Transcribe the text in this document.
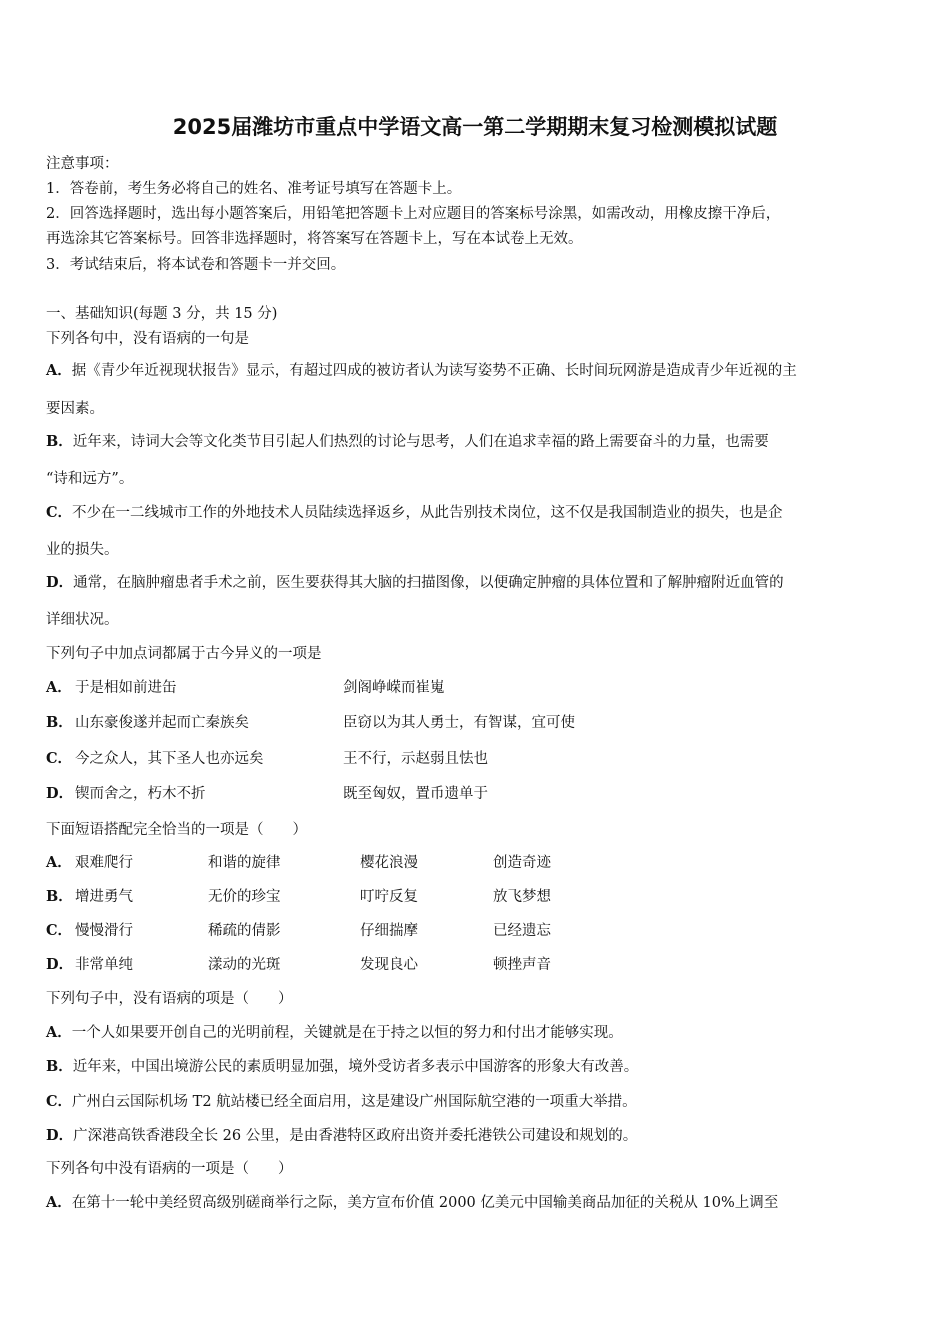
2025届潍坊市重点中学语文高一第二学期期末复习检测模拟试题
注意事项：
1．答卷前，考生务必将自己的姓名、准考证号填写在答题卡上。
2．回答选择题时，选出每小题答案后，用铅笔把答题卡上对应题目的答案标号涂黑，如需改动，用橡皮擦干净后，
再选涂其它答案标号。回答非选择题时，将答案写在答题卡上，写在本试卷上无效。
3．考试结束后，将本试卷和答题卡一并交回。
一、基础知识(每题 3 分，共 15 分)
下列各句中，没有语病的一句是
A．据《青少年近视现状报告》显示，有超过四成的被访者认为读写姿势不正确、长时间玩网游是造成青少年近视的主
要因素。
B．近年来，诗词大会等文化类节目引起人们热烈的讨论与思考，人们在追求幸福的路上需要奋斗的力量，也需要
“诗和远方”。
C．不少在一二线城市工作的外地技术人员陆续选择返乡，从此告别技术岗位，这不仅是我国制造业的损失，也是企
业的损失。
D．通常，在脑肿瘤患者手术之前，医生要获得其大脑的扫描图像，以便确定肿瘤的具体位置和了解肿瘤附近血管的
详细状况。
下列句子中加点词都属于古今异义的一项是
A． 于是相如前进缶	剑阁峥嵘而崔嵬
B． 山东豪俊遂并起而亡秦族矣	臣窃以为其人勇士，有智谋，宜可使
C． 今之众人，其下圣人也亦远矣	王不行，示赵弱且怯也
D． 锲而舍之，朽木不折	既至匈奴，置币遗单于
下面短语搭配完全恰当的一项是（　　）
A． 艰难爬行	和谐的旋律	樱花浪漫	创造奇迹
B． 增进勇气	无价的珍宝	叮咛反复	放飞梦想
C． 慢慢滑行	稀疏的倩影	仔细揣摩	已经遗忘
D． 非常单纯	漾动的光斑	发现良心	顿挫声音
下列句子中，没有语病的项是（　　）
A．一个人如果要开创自己的光明前程，关键就是在于持之以恒的努力和付出才能够实现。
B．近年来，中国出境游公民的素质明显加强，境外受访者多表示中国游客的形象大有改善。
C．广州白云国际机场 T2 航站楼已经全面启用，这是建设广州国际航空港的一项重大举措。
D．广深港高铁香港段全长 26 公里，是由香港特区政府出资并委托港铁公司建设和规划的。
下列各句中没有语病的一项是（　　）
A．在第十一轮中美经贸高级别磋商举行之际，美方宣布价值 2000 亿美元中国输美商品加征的关税从 10%上调至
